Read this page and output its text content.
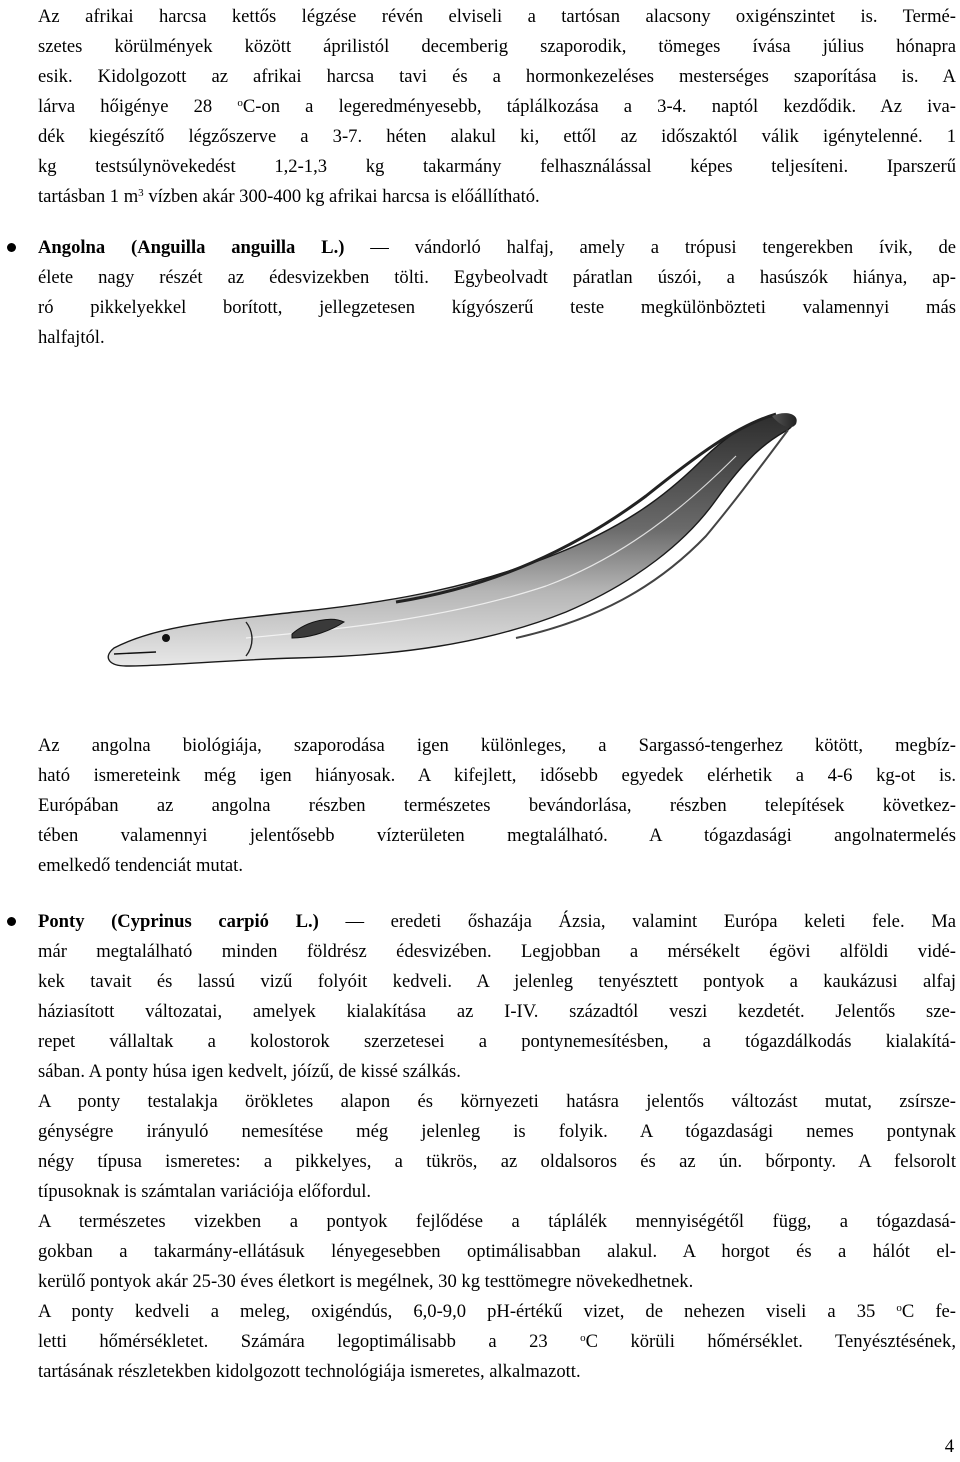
Az afrikai harcsa kettős légzése révén elviseli a tartósan alacsony oxigénszintet is. Termé-
szetes körülmények között áprilistól decemberig szaporodik, tömeges ívása július hónapra
esik. Kidolgozott az afrikai harcsa tavi és a hormonkezeléses mesterséges szaporítása is. A
lárva hőigénye 28 $^o$C-on a legeredményesebb, táplálkozása a 3-4. naptól kezdődik. Az iva-
dék kiegészítő légzőszerve a 3-7. héten alakul ki, ettől az időszaktól válik igénytelenné. 1
kg testsúlynövekedést 1,2-1,3 kg takarmány felhasználással képes teljesíteni. Iparszerű
tartásban 1 $m^3$ vízben akár 300-400 kg afrikai harcsa is előállítható.
Angolna (Anguilla anguilla L.) ― vándorló halfaj, amely a trópusi tengerekben ívik, de
élete nagy részét az édesvizekben tölti. Egybeolvadt páratlan úszói, a hasúszók hiánya, ap-
ró pikkelyekkel borított, jellegzetesen kígyószerű teste megkülönbözteti valamennyi más
halfajtól.
Az angolna biológiája, szaporodása igen különleges, a Sargassó-tengerhez kötött, megbíz-
ható ismereteink még igen hiányosak. A kifejlett, idősebb egyedek elérhetik a 4-6 kg-ot is.
Európában az angolna részben természetes bevándorlása, részben telepítések következ-
tében valamennyi jelentősebb vízterületen megtalálható. A tógazdasági angolnatermelés
emelkedő tendenciát mutat.
Ponty (Cyprinus carpió L.) ― eredeti őshazája Ázsia, valamint Európa keleti fele. Ma
már megtalálható minden földrész édesvizében. Legjobban a mérsékelt égövi alföldi vidé-
kek tavait és lassú vizű folyóit kedveli. A jelenleg tenyésztett pontyok a kaukázusi alfaj
háziasított változatai, amelyek kialakítása az I-IV. századtól veszi kezdetét. Jelentős sze-
repet vállaltak a kolostorok szerzetesei a pontynemesítésben, a tógazdálkodás kialakítá-
sában. A ponty húsa igen kedvelt, jóízű, de kissé szálkás.
A ponty testalakja örökletes alapon és környezeti hatásra jelentős változást mutat, zsírsze-
génységre irányuló nemesítése még jelenleg is folyik. A tógazdasági nemes pontynak
négy típusa ismeretes: a pikkelyes, a tükrös, az oldalsoros és az ún. bőrponty. A felsorolt
típusoknak is számtalan variációja előfordul.
A természetes vizekben a pontyok fejlődése a táplálék mennyiségétől függ, a tógazdasá-
gokban a takarmány-ellátásuk lényegesebben optimálisabban alakul. A horgot és a hálót el-
kerülő pontyok akár 25-30 éves életkort is megélnek, 30 kg testtömegre növekedhetnek.
A ponty kedveli a meleg, oxigéndús, 6,0-9,0 pH-értékű vizet, de nehezen viseli a 35 $^o$C fe-
letti hőmérsékletet. Számára legoptimálisabb a 23 $^o$C körüli hőmérséklet. Tenyésztésének,
tartásának részletekben kidolgozott technológiája ismeretes, alkalmazott.
4
